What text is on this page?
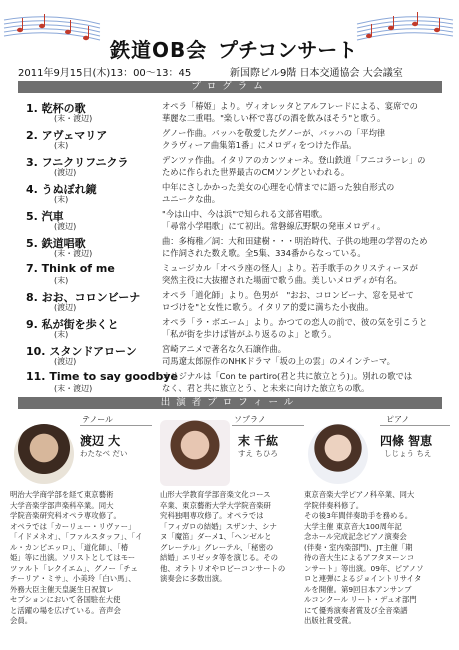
鉄道OB会 プチコンサート
2011年9月15日(木)13：00～13：45	新国際ビル9階 日本交通協会 大会議室
プログラム
1. 乾杯の歌
(末・渡辺)
オペラ「椿姫」より。ヴィオレッタとアルフレードによる、宴席での
華麗な二重唱。"楽しい杯で喜びの酒を飲みほそう"と歌う。
2. アヴェマリア
(末)
グノー作曲。バッハを敬愛したグノーが、バッハの「平均律
クラヴィーア曲集第1番」にメロディをつけた作品。
3. フニクリフニクラ
(渡辺)
デンツァ作曲。イタリアのカンツォーネ。登山鉄道「フニコラーレ」の
ために作られた世界最古のCMソングといわれる。
4. うぬぼれ鏡
(末)
中年にさしかかった美女の心理を心情までに語った独自形式の
ユニークな曲。
5. 汽車
(渡辺)
"今は山中、今は浜"で知られる文部省唱歌。
「尋常小学唱歌」にて初出。常磐線広野駅の発車メロディ。
5. 鉄道唱歌
(末・渡辺)
曲：多梅稚／詞：大和田建樹・・・明治時代、子供の地理の学習のため
に作詞された数え歌。全5集、334番からなっている。
7. Think of me
(末)
ミュージカル「オペラ座の怪人」より。若手歌手のクリスティーヌが
突然主役に大抜擢された場面で歌う曲。美しいメロディが有名。
8. おお、コロンビーナ
(渡辺)
オペラ「道化師」より。色男が　"おお、コロンビーナ、窓を見せて
ロづけを"と女性に歌う。イタリア的愛に満ちた小夜曲。
9. 私が街を歩くと
(末)
オペラ「ラ・ボエーム」より。かつての恋人の前で、彼の気を引こうと
「私が街を歩けば皆がふり返るのよ」と歌う。
10. スタンドアローン
(渡辺)
宮崎アニメで著名な久石譲作曲。
司馬遼太郎原作のNHKドラマ「坂の上の雲」のメインテーマ。
11. Time to say goodbye
(末・渡辺)
オリジナルは「Con te partiro(君と共に旅立とう)」。別れの歌では
なく、君と共に旅立とう、と未来に向けた旅立ちの歌。
出演者プロフィール
テノール
渡辺 大
わたなべ だい
明治大学商学部を経て東京藝術
大学音楽学部声楽科卒業。同大
学院音楽研究科オペラ専攻修了。
オペラでは「カーリュー・リヴァー」
「イドメネオ」、「ファルスタッフ」、「イ
ル・カンピエッロ」、「道化師」、「椿
姫」等に出演。ソリストとしてはモー
ツァルト「レクイエム」、グノー「チェ
チーリア・ミサ」、小美玲「白い馬」、
外務大臣主催天皇誕生日祝賀レ
セプションにおいて各国駐在大使
と活躍の場を広げている。音声会
会員。
ソプラノ
末 千紘
すえ ちひろ
山形大学教育学部音楽文化コース
卒業、東京藝術大学大学院音楽研
究科独唱専攻修了。オペラでは
「フィガロの結婚」スザンナ、シナ
ヌ「魔笛」ダーメ1、「ヘンゼルと
グレーテル」グレーテル、「秘密の
結婚」エリゼッタ等を演じる。その
他、オラトリオやロビーコンサートの
演奏会に多数出演。
ピアノ
四條 智恵
しじょう ちえ
東京音楽大学ピアノ科卒業、同大
学院伴奏科修了。
その後3年間伴奏助手を務める。
大学主催 東京音大100周年記
念ホール完成記念ピアノ演奏会
(伴奏・室内楽部門)、JT主催「期
待の音大生によるアフタヌーンコ
ンサート」等出演。09年、ピアノソ
ロと連弾によるジョイントリサイタ
ルを開催。第9回日本アンサンブ
ルコンクール リート・デュオ部門
にて優秀演奏者賞及び全音楽譜
出版社賞受賞。
